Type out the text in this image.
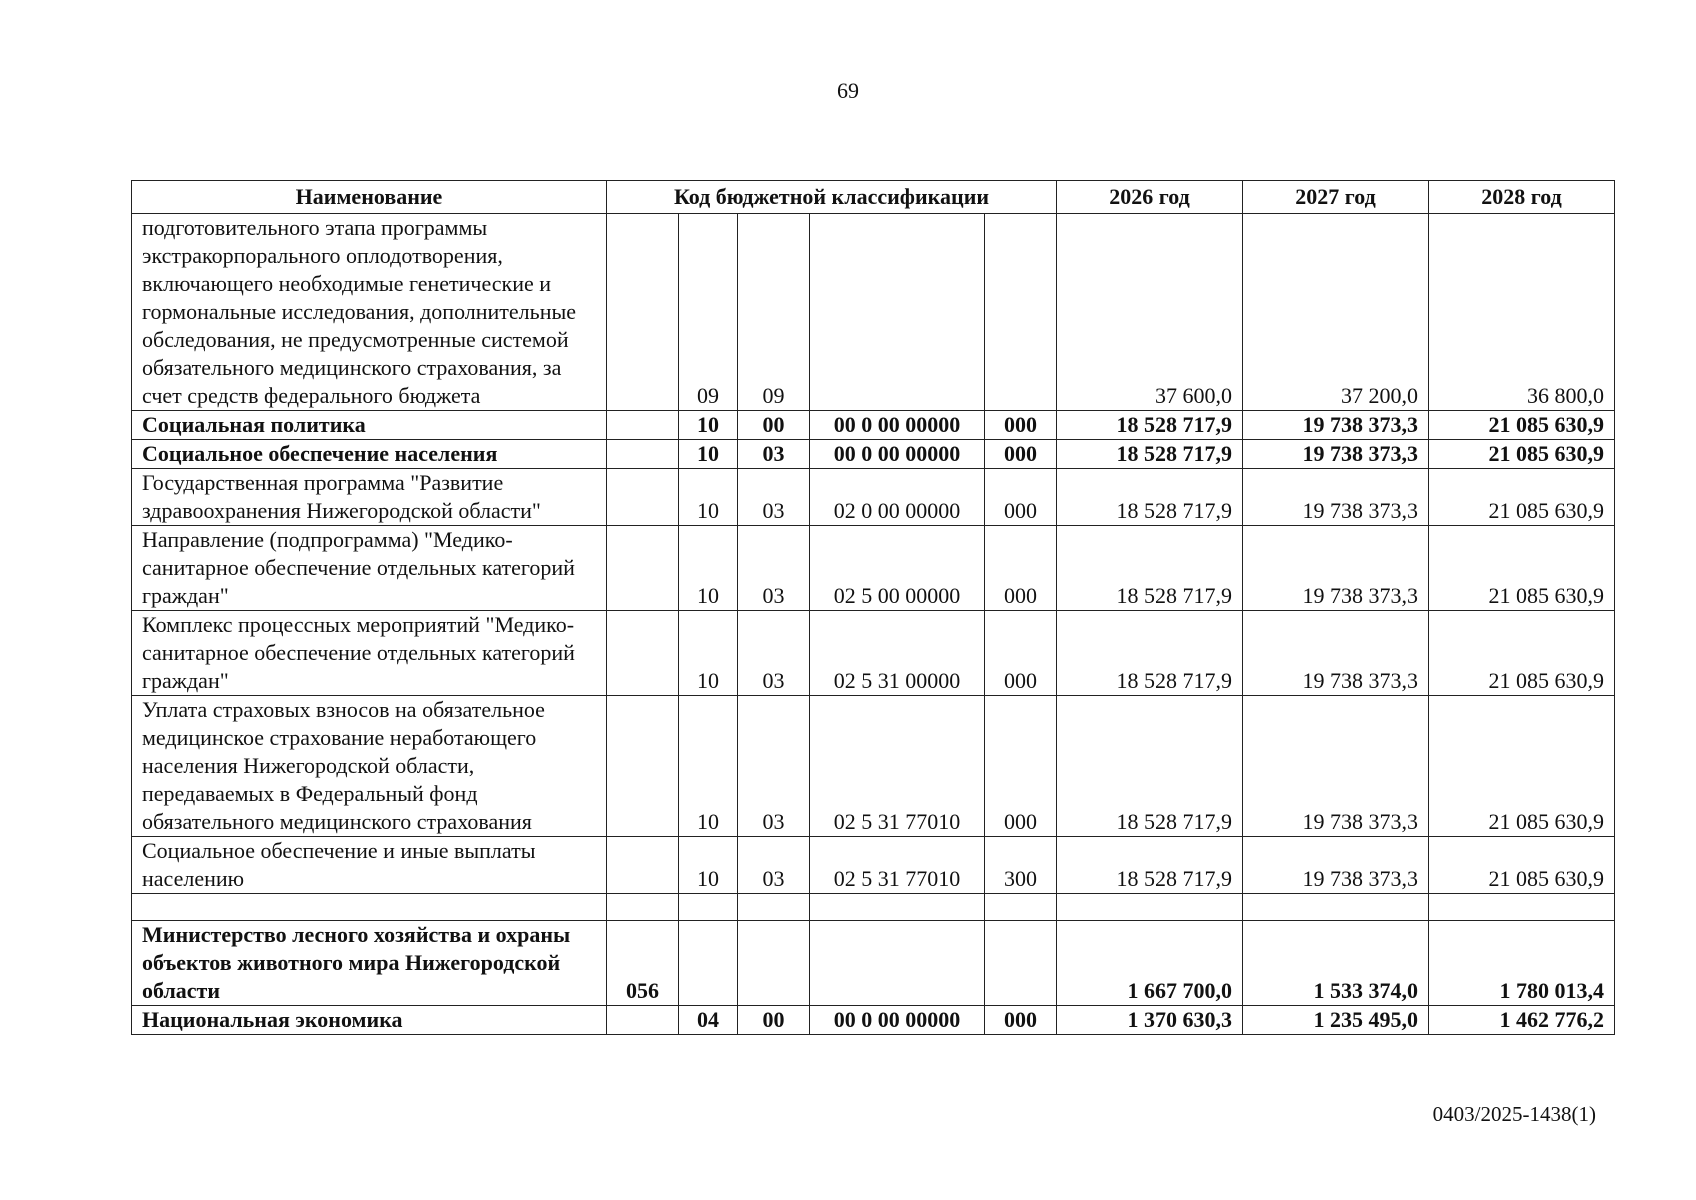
69
Наименование	Код бюджетной классификации					2026 год	2027 год	2028 год
подготовительного этапа программы экстракорпорального оплодотворения, включающего необходимые генетические и гормональные исследования, дополнительные обследования, не предусмотренные системой обязательного медицинского страхования, за счет средств федерального бюджета		09	09			37 600,0	37 200,0	36 800,0
Социальная политика		10	00	00 0 00 00000	000	18 528 717,9	19 738 373,3	21 085 630,9
Социальное обеспечение населения		10	03	00 0 00 00000	000	18 528 717,9	19 738 373,3	21 085 630,9
Государственная программа "Развитие здравоохранения Нижегородской области"		10	03	02 0 00 00000	000	18 528 717,9	19 738 373,3	21 085 630,9
Направление (подпрограмма) "Медико-санитарное обеспечение отдельных категорий граждан"		10	03	02 5 00 00000	000	18 528 717,9	19 738 373,3	21 085 630,9
Комплекс процессных мероприятий "Медико-санитарное обеспечение отдельных категорий граждан"		10	03	02 5 31 00000	000	18 528 717,9	19 738 373,3	21 085 630,9
Уплата страховых взносов на обязательное медицинское страхование неработающего населения Нижегородской области, передаваемых в Федеральный фонд обязательного медицинского страхования		10	03	02 5 31 77010	000	18 528 717,9	19 738 373,3	21 085 630,9
Социальное обеспечение и иные выплаты населению		10	03	02 5 31 77010	300	18 528 717,9	19 738 373,3	21 085 630,9

Министерство лесного хозяйства и охраны объектов животного мира Нижегородской области	056					1 667 700,0	1 533 374,0	1 780 013,4
Национальная экономика		04	00	00 0 00 00000	000	1 370 630,3	1 235 495,0	1 462 776,2
0403/2025-1438(1)
